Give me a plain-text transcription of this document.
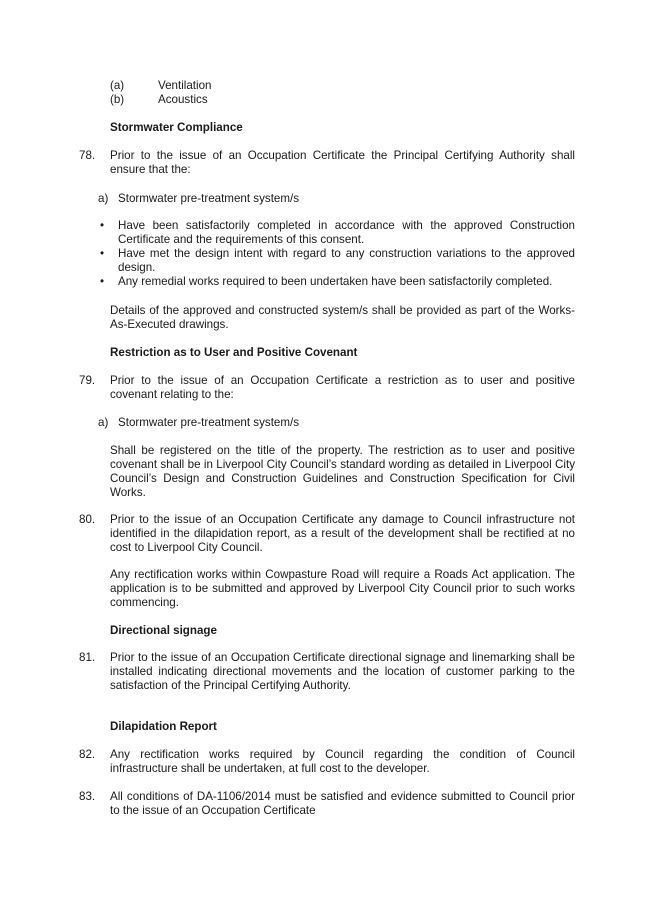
(a)	Ventilation
(b)	Acoustics
Stormwater Compliance
78.	Prior to the issue of an Occupation Certificate the Principal Certifying Authority shall ensure that the:
a) Stormwater pre-treatment system/s
• Have been satisfactorily completed in accordance with the approved Construction Certificate and the requirements of this consent.
• Have met the design intent with regard to any construction variations to the approved design.
• Any remedial works required to been undertaken have been satisfactorily completed.
Details of the approved and constructed system/s shall be provided as part of the Works-As-Executed drawings.
Restriction as to User and Positive Covenant
79.	Prior to the issue of an Occupation Certificate a restriction as to user and positive covenant relating to the:
a) Stormwater pre-treatment system/s
Shall be registered on the title of the property. The restriction as to user and positive covenant shall be in Liverpool City Council’s standard wording as detailed in Liverpool City Council’s Design and Construction Guidelines and Construction Specification for Civil Works.
80.	Prior to the issue of an Occupation Certificate any damage to Council infrastructure not identified in the dilapidation report, as a result of the development shall be rectified at no cost to Liverpool City Council.
Any rectification works within Cowpasture Road will require a Roads Act application. The application is to be submitted and approved by Liverpool City Council prior to such works commencing.
Directional signage
81.	Prior to the issue of an Occupation Certificate directional signage and linemarking shall be installed indicating directional movements and the location of customer parking to the satisfaction of the Principal Certifying Authority.
Dilapidation Report
82.	Any rectification works required by Council regarding the condition of Council infrastructure shall be undertaken, at full cost to the developer.
83.	All conditions of DA-1106/2014 must be satisfied and evidence submitted to Council prior to the issue of an Occupation Certificate
